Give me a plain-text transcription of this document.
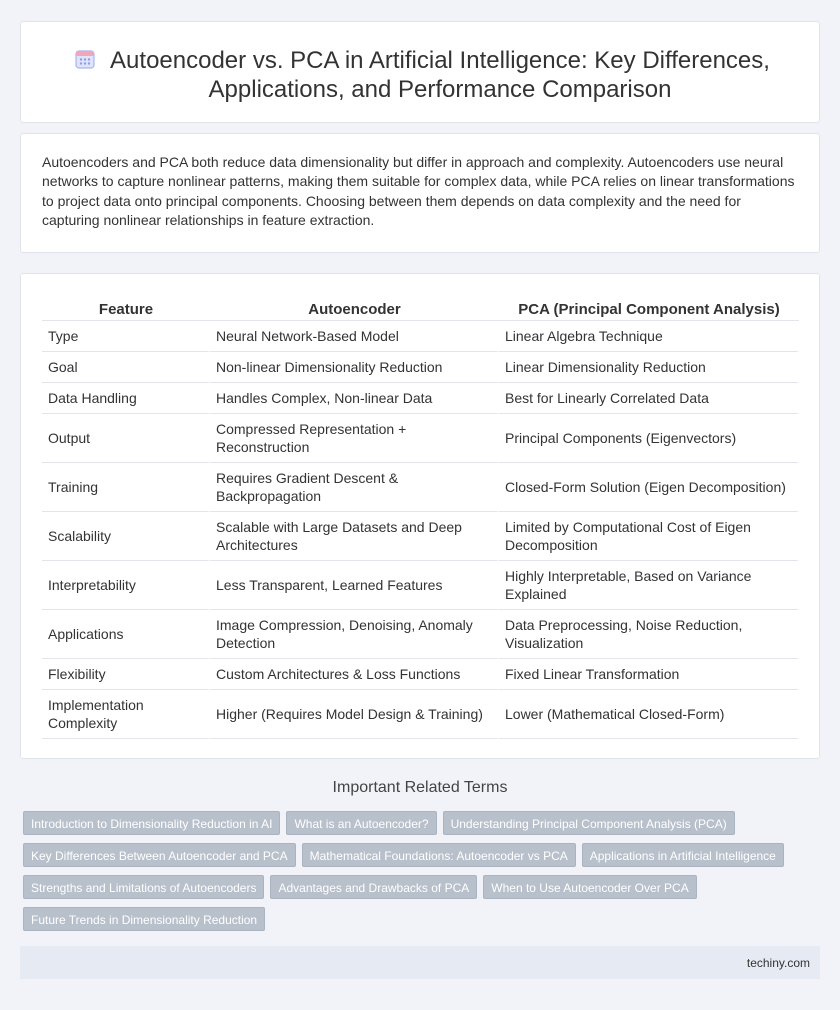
Autoencoder vs. PCA in Artificial Intelligence: Key Differences, Applications, and Performance Comparison

Autoencoders and PCA both reduce data dimensionality but differ in approach and complexity. Autoencoders use neural networks to capture nonlinear patterns, making them suitable for complex data, while PCA relies on linear transformations to project data onto principal components. Choosing between them depends on data complexity and the need for capturing nonlinear relationships in feature extraction.

Feature	Autoencoder	PCA (Principal Component Analysis)
Type	Neural Network-Based Model	Linear Algebra Technique
Goal	Non-linear Dimensionality Reduction	Linear Dimensionality Reduction
Data Handling	Handles Complex, Non-linear Data	Best for Linearly Correlated Data
Output	Compressed Representation + Reconstruction	Principal Components (Eigenvectors)
Training	Requires Gradient Descent & Backpropagation	Closed-Form Solution (Eigen Decomposition)
Scalability	Scalable with Large Datasets and Deep Architectures	Limited by Computational Cost of Eigen Decomposition
Interpretability	Less Transparent, Learned Features	Highly Interpretable, Based on Variance Explained
Applications	Image Compression, Denoising, Anomaly Detection	Data Preprocessing, Noise Reduction, Visualization
Flexibility	Custom Architectures & Loss Functions	Fixed Linear Transformation
Implementation Complexity	Higher (Requires Model Design & Training)	Lower (Mathematical Closed-Form)
Important Related Terms
Introduction to Dimensionality Reduction in AI	What is an Autoencoder?	Understanding Principal Component Analysis (PCA)
Key Differences Between Autoencoder and PCA	Mathematical Foundations: Autoencoder vs PCA	Applications in Artificial Intelligence
Strengths and Limitations of Autoencoders	Advantages and Drawbacks of PCA	When to Use Autoencoder Over PCA
Future Trends in Dimensionality Reduction
techiny.com
